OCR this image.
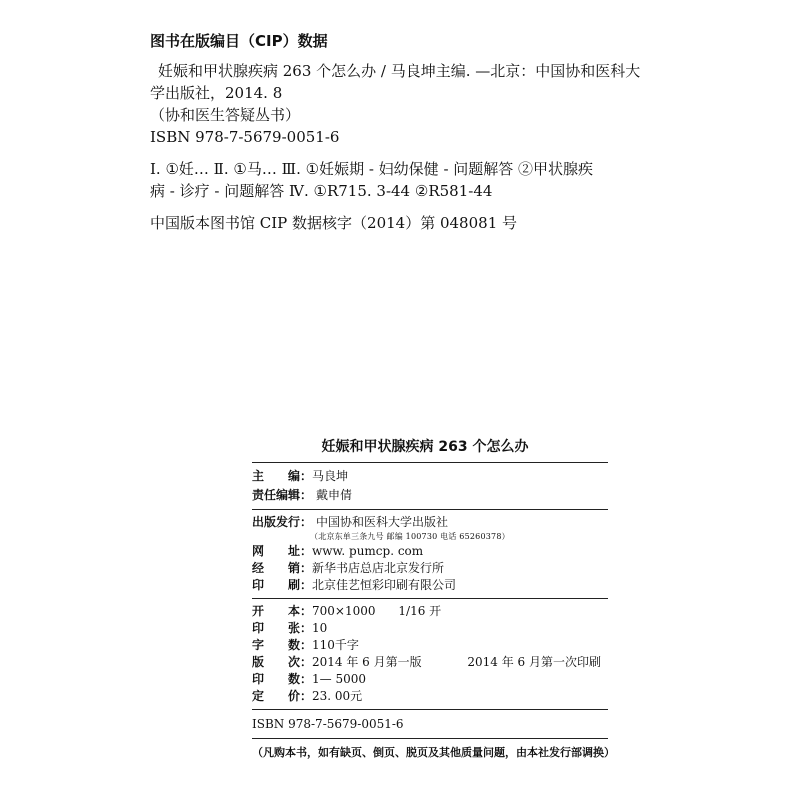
图书在版编目（CIP）数据
妊娠和甲状腺疾病 263 个怎么办 / 马良坤主编. —北京：中国协和医科大
学出版社，2014. 8
（协和医生答疑丛书）
ISBN 978-7-5679-0051-6
Ⅰ. ①妊… Ⅱ. ①马… Ⅲ. ①妊娠期 - 妇幼保健 - 问题解答 ②甲状腺疾
病 - 诊疗 - 问题解答 Ⅳ. ①R715. 3-44 ②R581-44
中国版本图书馆 CIP 数据核字（2014）第 048081 号
妊娠和甲状腺疾病 263 个怎么办
主 编： 马良坤
责任编辑： 戴申倩
出版发行： 中国协和医科大学出版社
（北京东单三条九号 邮编 100730 电话 65260378）
网 址： www. pumcp. com
经 销： 新华书店总店北京发行所
印 刷： 北京佳艺恒彩印刷有限公司
开 本： 700×1000      1/16 开
印 张： 10
字 数： 110千字
版 次： 2014 年 6 月第一版            2014 年 6 月第一次印刷
印 数： 1— 5000
定 价： 23. 00元
ISBN 978-7-5679-0051-6
（凡购本书，如有缺页、倒页、脱页及其他质量问题，由本社发行部调换）
